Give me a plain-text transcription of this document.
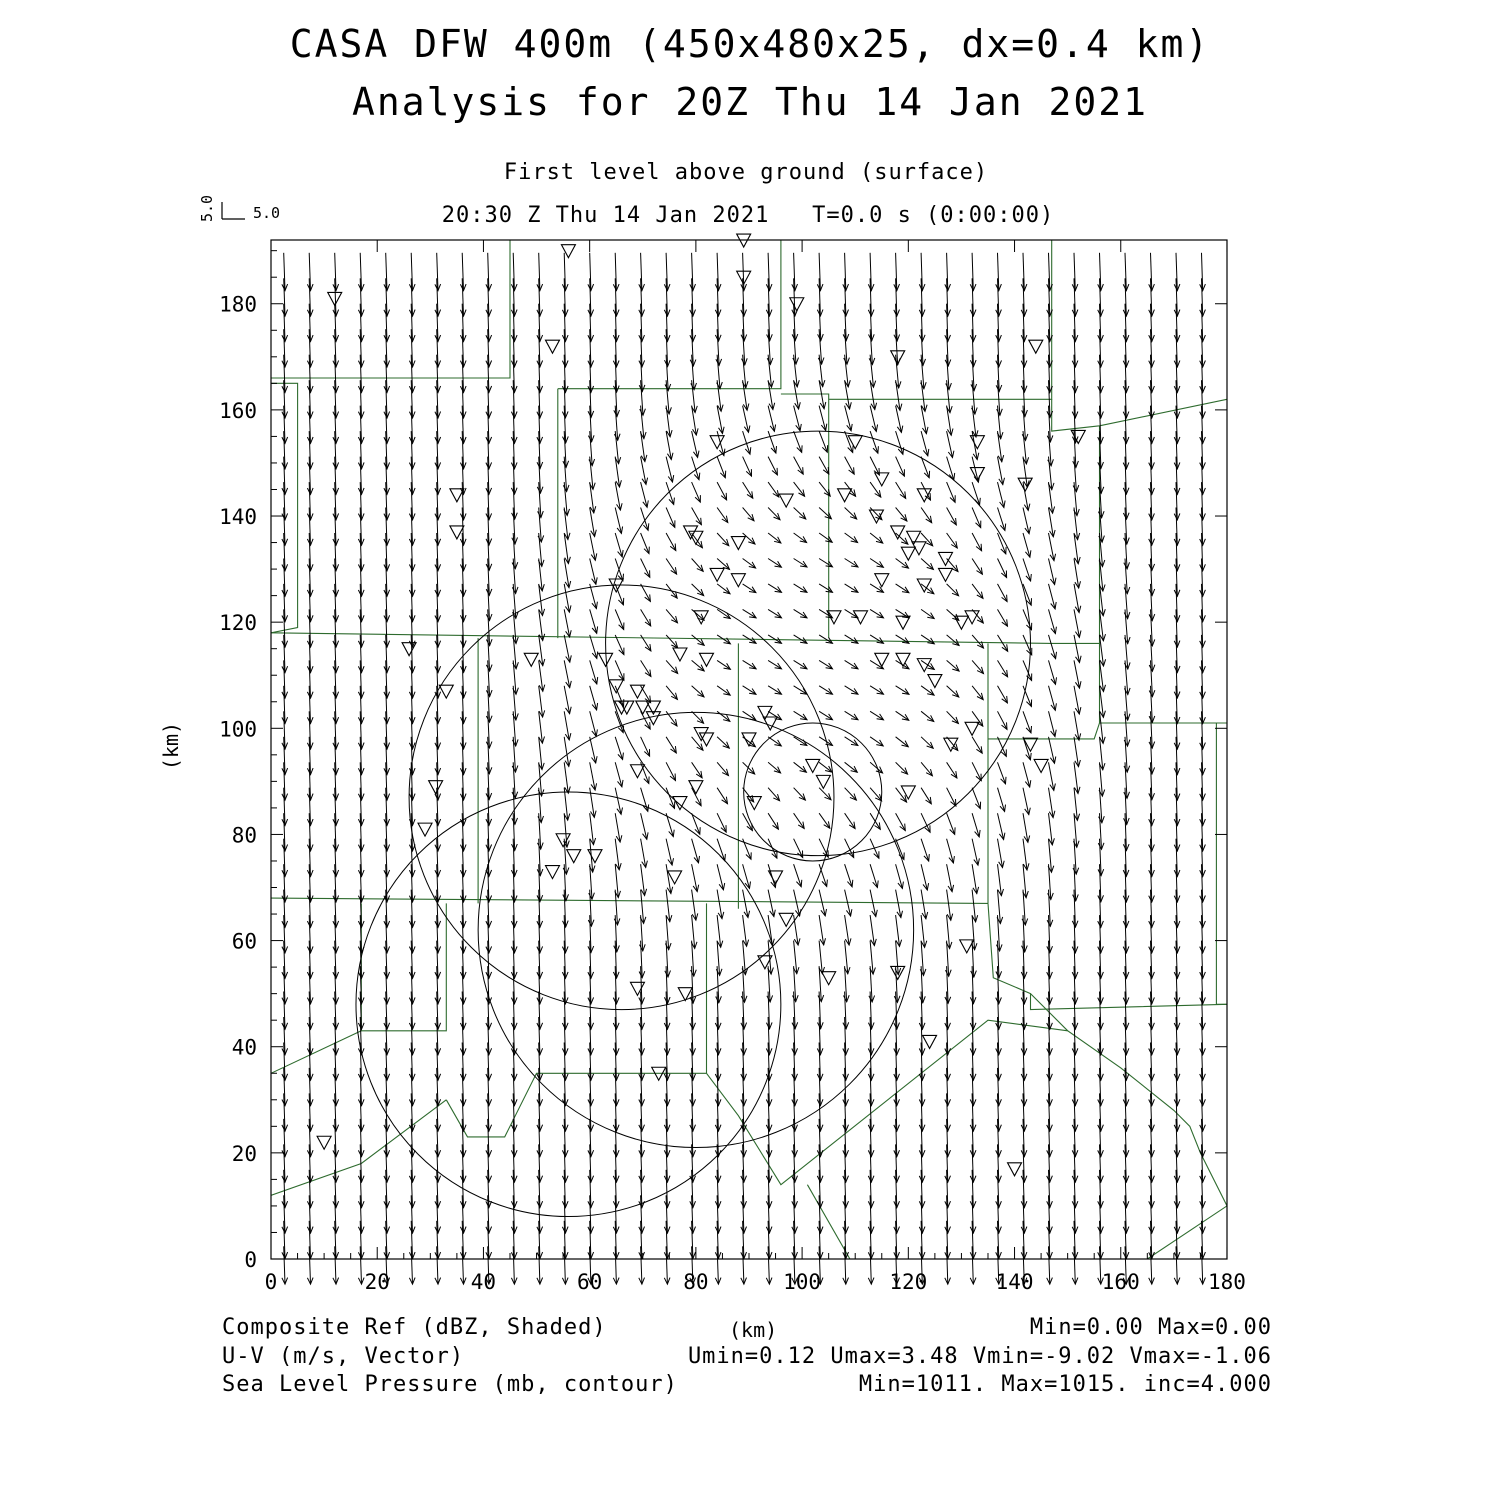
CASA DFW 400m (450x480x25, dx=0.4 km)
Analysis for 20Z Thu 14 Jan 2021
First level above ground (surface)
20:30 Z Thu 14 Jan 2021   T=0.0 s (0:00:00)
5.0
5.0
0	20	40	60	80	100	120	140	160	180
0
20
40
60
80
100
120
140
160
180
(km)
(km)
Composite Ref (dBZ, Shaded)
U-V (m/s, Vector)
Sea Level Pressure (mb, contour)
Min=0.00 Max=0.00
Umin=0.12 Umax=3.48 Vmin=-9.02 Vmax=-1.06
Min=1011. Max=1015. inc=4.000
